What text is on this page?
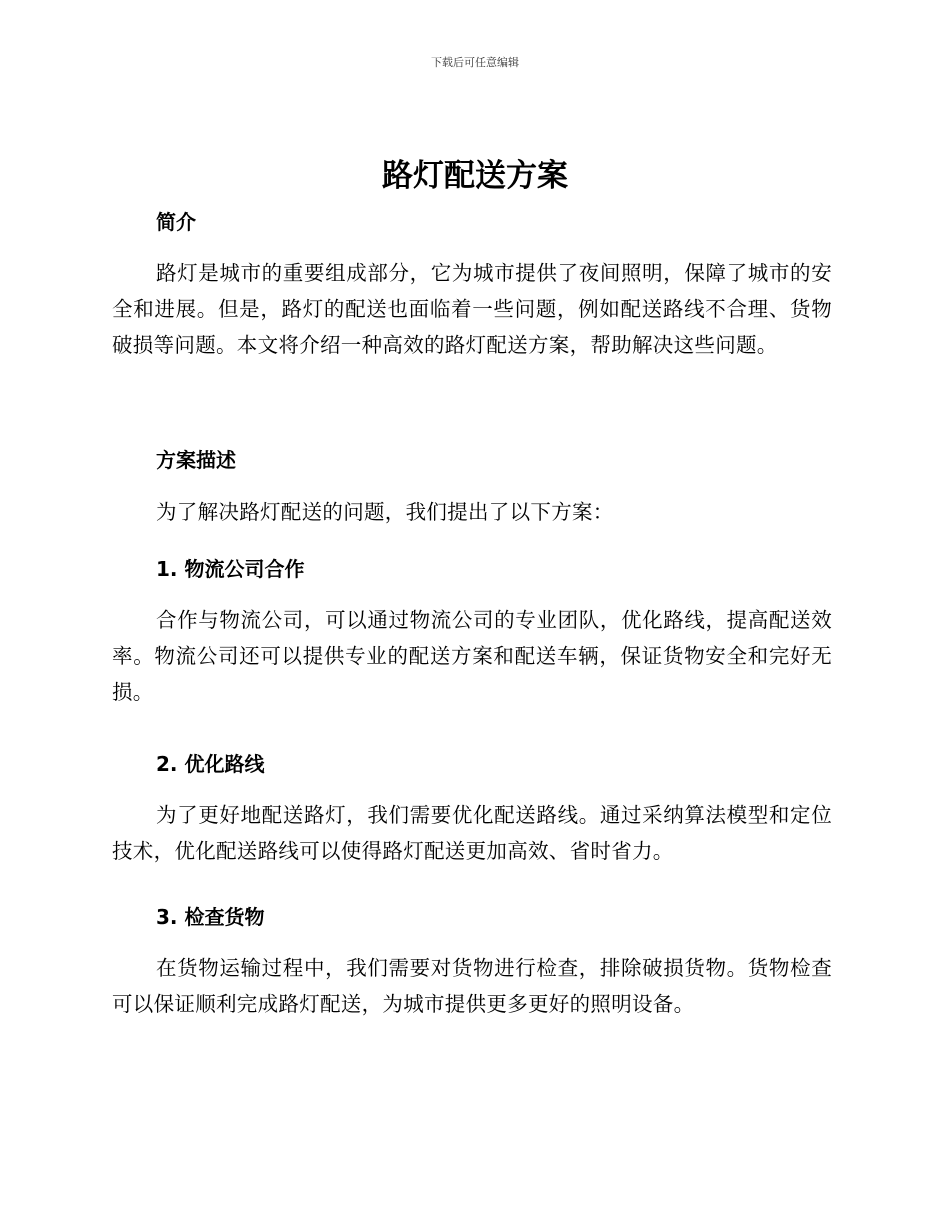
下载后可任意编辑
路灯配送方案
简介

路灯是城市的重要组成部分，它为城市提供了夜间照明，保障了城市的安全和进展。但是，路灯的配送也面临着一些问题，例如配送路线不合理、货物破损等问题。本文将介绍一种高效的路灯配送方案，帮助解决这些问题。

方案描述

为了解决路灯配送的问题，我们提出了以下方案：

1. 物流公司合作

合作与物流公司，可以通过物流公司的专业团队，优化路线，提高配送效率。物流公司还可以提供专业的配送方案和配送车辆，保证货物安全和完好无损。

2. 优化路线

为了更好地配送路灯，我们需要优化配送路线。通过采纳算法模型和定位技术，优化配送路线可以使得路灯配送更加高效、省时省力。

3. 检查货物

在货物运输过程中，我们需要对货物进行检查，排除破损货物。货物检查可以保证顺利完成路灯配送，为城市提供更多更好的照明设备。
